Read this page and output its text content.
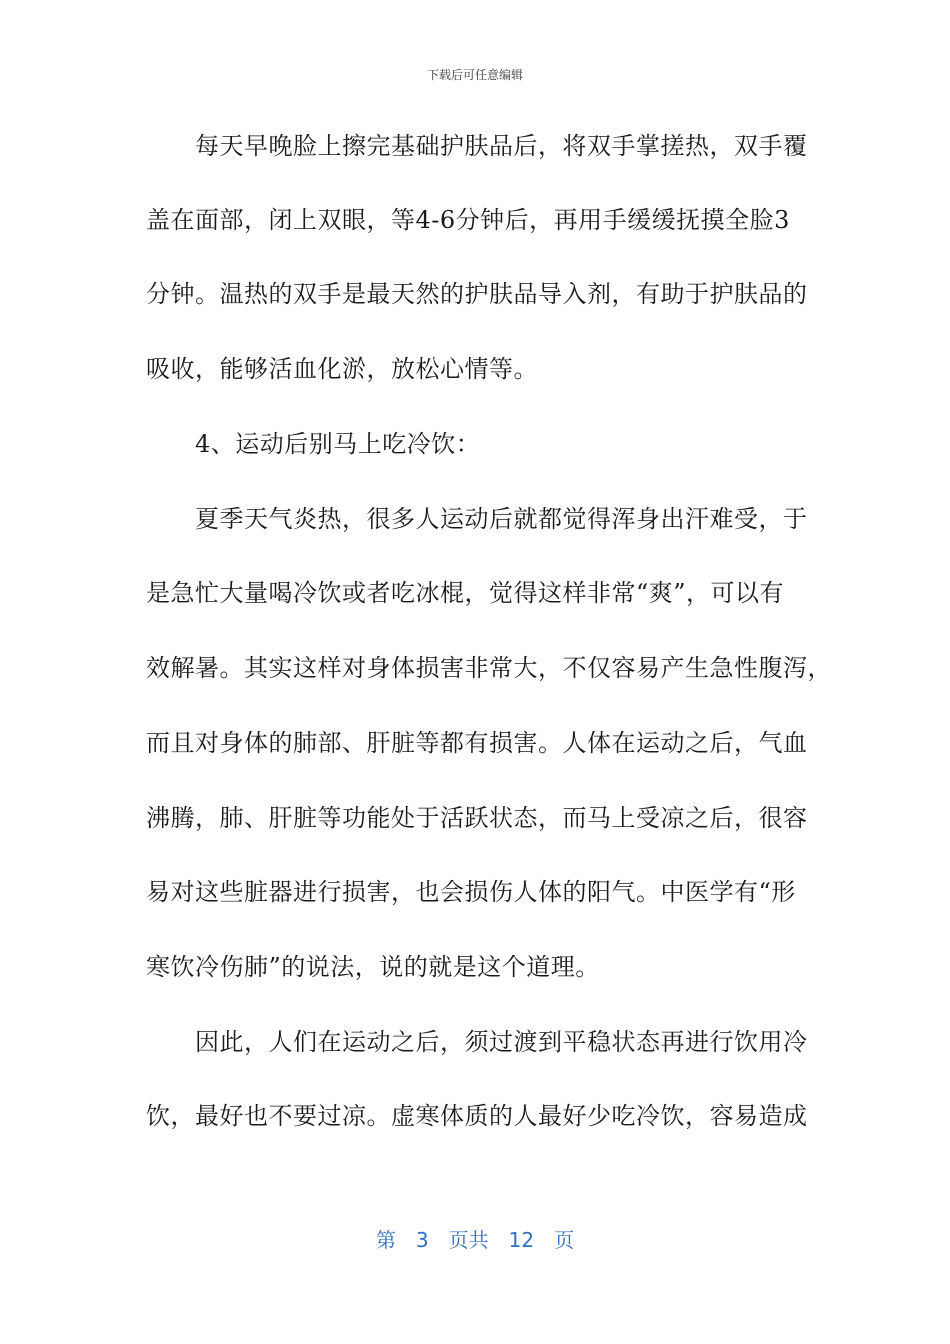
下载后可任意编辑
　　每天早晚脸上擦完基础护肤品后，将双手掌搓热，双手覆
盖在面部，闭上双眼，等4-6分钟后，再用手缓缓抚摸全脸3
分钟。温热的双手是最天然的护肤品导入剂，有助于护肤品的
吸收，能够活血化淤，放松心情等。
　　4、运动后别马上吃冷饮：
　　夏季天气炎热，很多人运动后就都觉得浑身出汗难受，于
是急忙大量喝冷饮或者吃冰棍，觉得这样非常“爽”，可以有
效解暑。其实这样对身体损害非常大，不仅容易产生急性腹泻，
而且对身体的肺部、肝脏等都有损害。人体在运动之后，气血
沸腾，肺、肝脏等功能处于活跃状态，而马上受凉之后，很容
易对这些脏器进行损害，也会损伤人体的阳气。中医学有“形
寒饮冷伤肺”的说法，说的就是这个道理。
　　因此，人们在运动之后，须过渡到平稳状态再进行饮用冷
饮，最好也不要过凉。虚寒体质的人最好少吃冷饮，容易造成
第　3　页共　12　页
